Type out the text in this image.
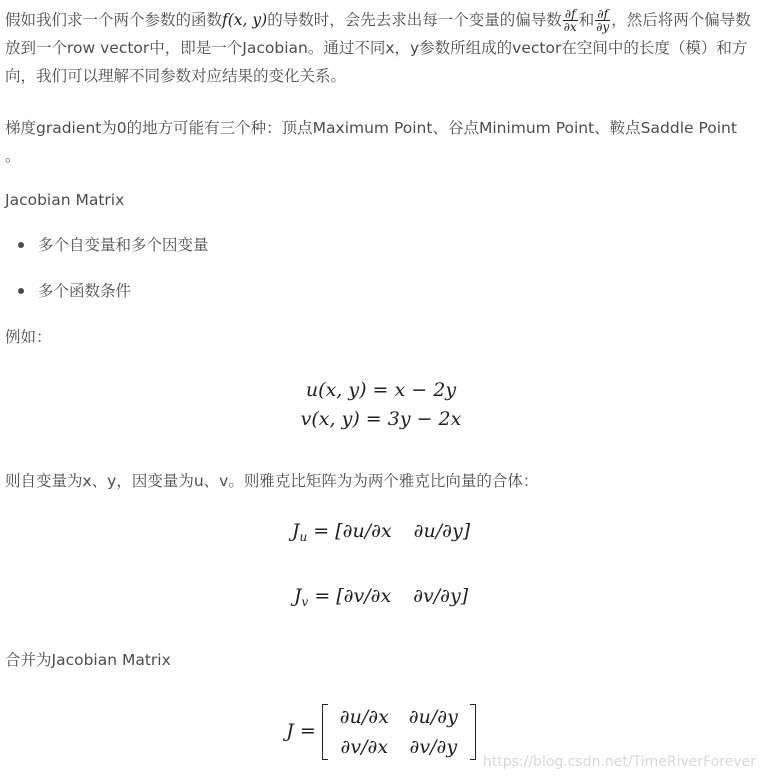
假如我们求一个两个参数的函数f(x, y)的导数时，会先去求出每一个变量的偏导数 $\frac{\partial f}{\partial x}$ 和 $\frac{\partial f}{\partial y}$ ，然后将两个偏导数放到一个row vector中，即是一个Jacobian。通过不同x，y参数所组成的vector在空间中的长度（模）和方向，我们可以理解不同参数对应结果的变化关系。

梯度gradient为0的地方可能有三个种：顶点Maximum Point、谷点Minimum Point、鞍点Saddle Point 。

Jacobian Matrix

多个自变量和多个因变量
多个函数条件

例如：

u(x, y) = x − 2y
v(x, y) = 3y − 2x

则自变量为x、y，因变量为u、v。则雅克比矩阵为为两个雅克比向量的合体：

$J_u = [\partial u/\partial x$ ∂u/∂y]
$J_v = [\partial v/\partial x$ ∂v/∂y]

合并为Jacobian Matrix

J =
∂u/∂x	∂u/∂y
∂v/∂x	∂v/∂y
https://blog.csdn.net/TimeRiverForever
